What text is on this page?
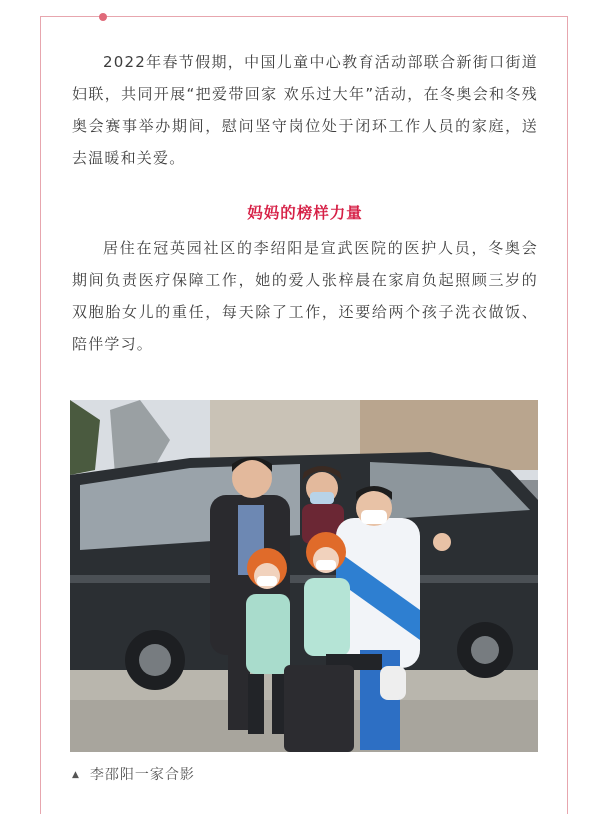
2022年春节假期，中国儿童中心教育活动部联合新街口街道妇联，共同开展“把爱带回家 欢乐过大年”活动，在冬奥会和冬残奥会赛事举办期间，慰问坚守岗位处于闭环工作人员的家庭，送去温暖和关爱。

妈妈的榜样力量

居住在冠英园社区的李绍阳是宣武医院的医护人员，冬奥会期间负责医疗保障工作，她的爱人张梓晨在家肩负起照顾三岁的双胞胎女儿的重任，每天除了工作，还要给两个孩子洗衣做饭、陪伴学习。

▲ 李邵阳一家合影
